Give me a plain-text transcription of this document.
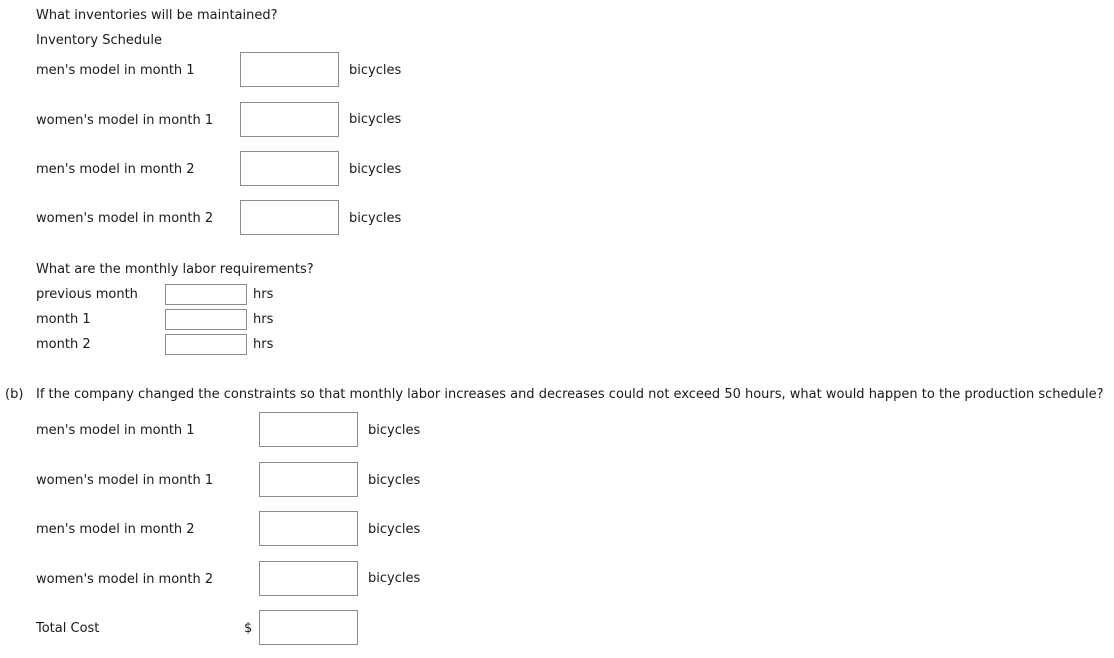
What inventories will be maintained?
Inventory Schedule
men's model in month 1	bicycles
women's model in month 1	bicycles
men's model in month 2	bicycles
women's model in month 2	bicycles
What are the monthly labor requirements?
previous month	hrs
month 1	hrs
month 2	hrs
(b) If the company changed the constraints so that monthly labor increases and decreases could not exceed 50 hours, what would happen to the production schedule?
men's model in month 1	bicycles
women's model in month 1	bicycles
men's model in month 2	bicycles
women's model in month 2	bicycles
Total Cost	$
